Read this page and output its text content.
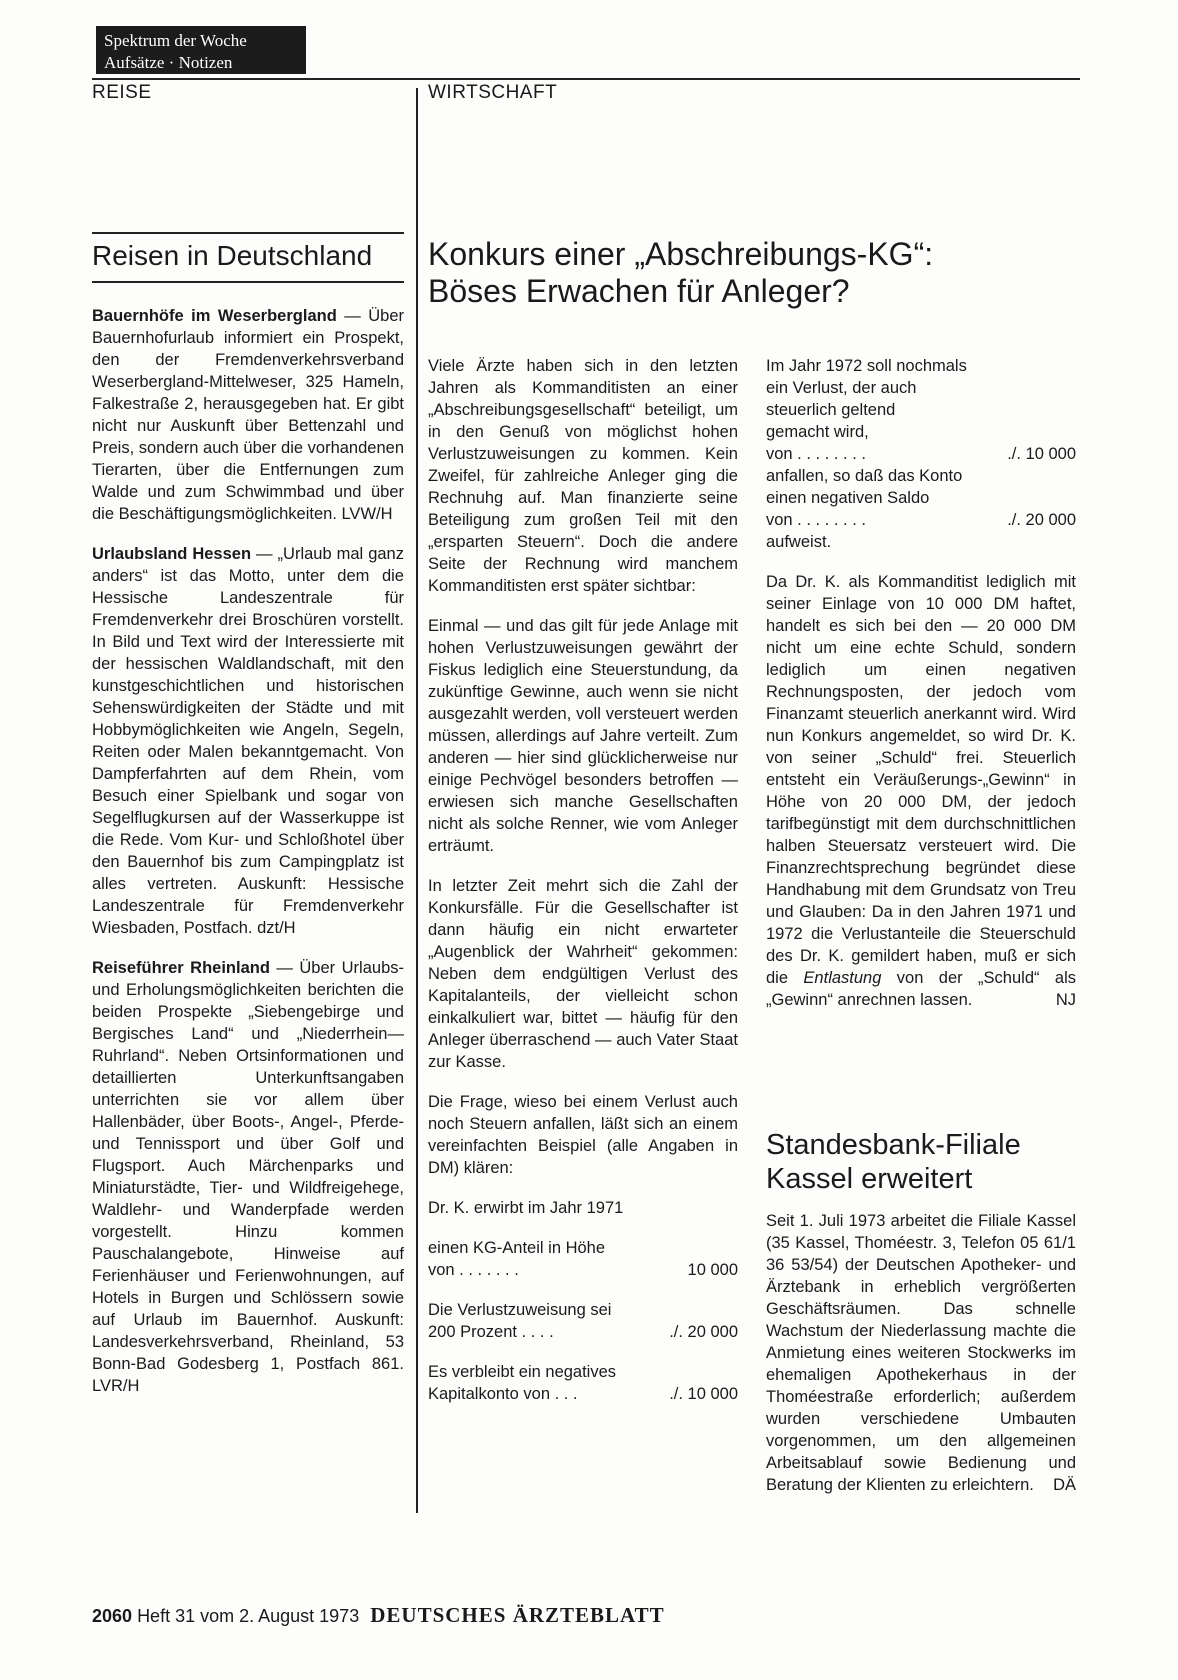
Spektrum der Woche
Aufsätze · Notizen
REISE	WIRTSCHAFT
Reisen in Deutschland

Bauernhöfe im Weserbergland — Über Bauernhofurlaub informiert ein Prospekt, den der Fremdenverkehrsverband Weserbergland-Mittelweser, 325 Hameln, Falkestraße 2, herausgegeben hat. Er gibt nicht nur Auskunft über Bettenzahl und Preis, sondern auch über die vorhandenen Tierarten, über die Entfernungen zum Walde und zum Schwimmbad und über die Beschäftigungsmöglichkeiten. LVW/H

Urlaubsland Hessen — „Urlaub mal ganz anders“ ist das Motto, unter dem die Hessische Landeszentrale für Fremdenverkehr drei Broschüren vorstellt. In Bild und Text wird der Interessierte mit der hessischen Waldlandschaft, mit den kunstgeschichtlichen und historischen Sehenswürdigkeiten der Städte und mit Hobbymöglichkeiten wie Angeln, Segeln, Reiten oder Malen bekanntgemacht. Von Dampferfahrten auf dem Rhein, vom Besuch einer Spielbank und sogar von Segelflugkursen auf der Wasserkuppe ist die Rede. Vom Kur- und Schloßhotel über den Bauernhof bis zum Campingplatz ist alles vertreten. Auskunft: Hessische Landeszentrale für Fremdenverkehr Wiesbaden, Postfach. dzt/H

Reiseführer Rheinland — Über Urlaubs- und Erholungsmöglichkeiten berichten die beiden Prospekte „Siebengebirge und Bergisches Land“ und „Niederrhein—Ruhrland“. Neben Ortsinformationen und detaillierten Unterkunftsangaben unterrichten sie vor allem über Hallenbäder, über Boots-, Angel-, Pferde- und Tennissport und über Golf und Flugsport. Auch Märchenparks und Miniaturstädte, Tier- und Wildfreigehege, Waldlehr- und Wanderpfade werden vorgestellt. Hinzu kommen Pauschalangebote, Hinweise auf Ferienhäuser und Ferienwohnungen, auf Hotels in Burgen und Schlössern sowie auf Urlaub im Bauernhof. Auskunft: Landesverkehrsverband, Rheinland, 53 Bonn-Bad Godesberg 1, Postfach 861. LVR/H

Konkurs einer „Abschreibungs-KG“:
Böses Erwachen für Anleger?

Viele Ärzte haben sich in den letzten Jahren als Kommanditisten an einer „Abschreibungsgesellschaft“ beteiligt, um in den Genuß von möglichst hohen Verlustzuweisungen zu kommen. Kein Zweifel, für zahlreiche Anleger ging die Rechnuhg auf. Man finanzierte seine Beteiligung zum großen Teil mit den „ersparten Steuern“. Doch die andere Seite der Rechnung wird manchem Kommanditisten erst später sichtbar:

Einmal — und das gilt für jede Anlage mit hohen Verlustzuweisungen gewährt der Fiskus lediglich eine Steuerstundung, da zukünftige Gewinne, auch wenn sie nicht ausgezahlt werden, voll versteuert werden müssen, allerdings auf Jahre verteilt. Zum anderen — hier sind glücklicherweise nur einige Pechvögel besonders betroffen — erwiesen sich manche Gesellschaften nicht als solche Renner, wie vom Anleger erträumt.

In letzter Zeit mehrt sich die Zahl der Konkursfälle. Für die Gesellschafter ist dann häufig ein nicht erwarteter „Augenblick der Wahrheit“ gekommen: Neben dem endgültigen Verlust des Kapitalanteils, der vielleicht schon einkalkuliert war, bittet — häufig für den Anleger überraschend — auch Vater Staat zur Kasse.

Die Frage, wieso bei einem Verlust auch noch Steuern anfallen, läßt sich an einem vereinfachten Beispiel (alle Angaben in DM) klären:

Dr. K. erwirbt im Jahr 1971
einen KG-Anteil in Höhe
von . . . . . . .	10 000
Die Verlustzuweisung sei
200 Prozent . . . .	./. 20 000
Es verbleibt ein negatives
Kapitalkonto von . . .	./. 10 000
Im Jahr 1972 soll nochmals
ein Verlust, der auch
steuerlich geltend
gemacht wird,
von . . . . . . . .	./. 10 000
anfallen, so daß das Konto
einen negativen Saldo
von . . . . . . . .	./. 20 000
aufweist.

Da Dr. K. als Kommanditist lediglich mit seiner Einlage von 10 000 DM haftet, handelt es sich bei den — 20 000 DM nicht um eine echte Schuld, sondern lediglich um einen negativen Rechnungsposten, der jedoch vom Finanzamt steuerlich anerkannt wird. Wird nun Konkurs angemeldet, so wird Dr. K. von seiner „Schuld“ frei. Steuerlich entsteht ein Veräußerungs-„Gewinn“ in Höhe von 20 000 DM, der jedoch tarifbegünstigt mit dem durchschnittlichen halben Steuersatz versteuert wird. Die Finanzrechtsprechung begründet diese Handhabung mit dem Grundsatz von Treu und Glauben: Da in den Jahren 1971 und 1972 die Verlustanteile die Steuerschuld des Dr. K. gemildert haben, muß er sich die Entlastung von der „Schuld“ als „Gewinn“ anrechnen lassen.	NJ

Standesbank-Filiale
Kassel erweitert

Seit 1. Juli 1973 arbeitet die Filiale Kassel (35 Kassel, Thoméestr. 3, Telefon 05 61/1 36 53/54) der Deutschen Apotheker- und Ärztebank in erheblich vergrößerten Geschäftsräumen. Das schnelle Wachstum der Niederlassung machte die Anmietung eines weiteren Stockwerks im ehemaligen Apothekerhaus in der Thoméestraße erforderlich; außerdem wurden verschiedene Umbauten vorgenommen, um den allgemeinen Arbeitsablauf sowie Bedienung und Beratung der Klienten zu erleichtern. DÄ

2060 Heft 31 vom 2. August 1973 DEUTSCHES ÄRZTEBLATT
